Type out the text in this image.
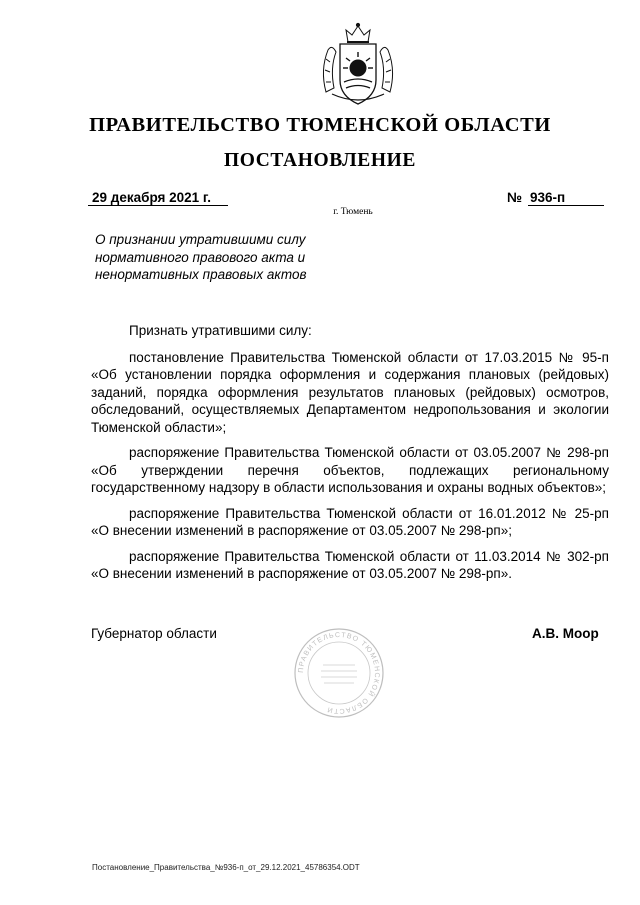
ПРАВИТЕЛЬСТВО ТЮМЕНСКОЙ ОБЛАСТИ
ПОСТАНОВЛЕНИЕ
29 декабря 2021 г.	№ 936-п
г. Тюмень
О признании утратившими силу нормативного правового акта и ненормативных правовых актов

Признать утратившими силу:

постановление Правительства Тюменской области от 17.03.2015 № 95-п «Об установлении порядка оформления и содержания плановых (рейдовых) заданий, порядка оформления результатов плановых (рейдовых) осмотров, обследований, осуществляемых Департаментом недропользования и экологии Тюменской области»;

распоряжение Правительства Тюменской области от 03.05.2007 № 298-рп «Об утверждении перечня объектов, подлежащих региональному государственному надзору в области использования и охраны водных объектов»;

распоряжение Правительства Тюменской области от 16.01.2012 № 25-рп «О внесении изменений в распоряжение от 03.05.2007 № 298-рп»;

распоряжение Правительства Тюменской области от 11.03.2014 № 302-рп «О внесении изменений в распоряжение от 03.05.2007 № 298-рп».

Губернатор области	А.В. Моор
ПРАВИТЕЛЬСТВО ТЮМЕНСКОЙ ОБЛАСТИ
Постановление_Правительства_№936-п_от_29.12.2021_45786354.ODT
